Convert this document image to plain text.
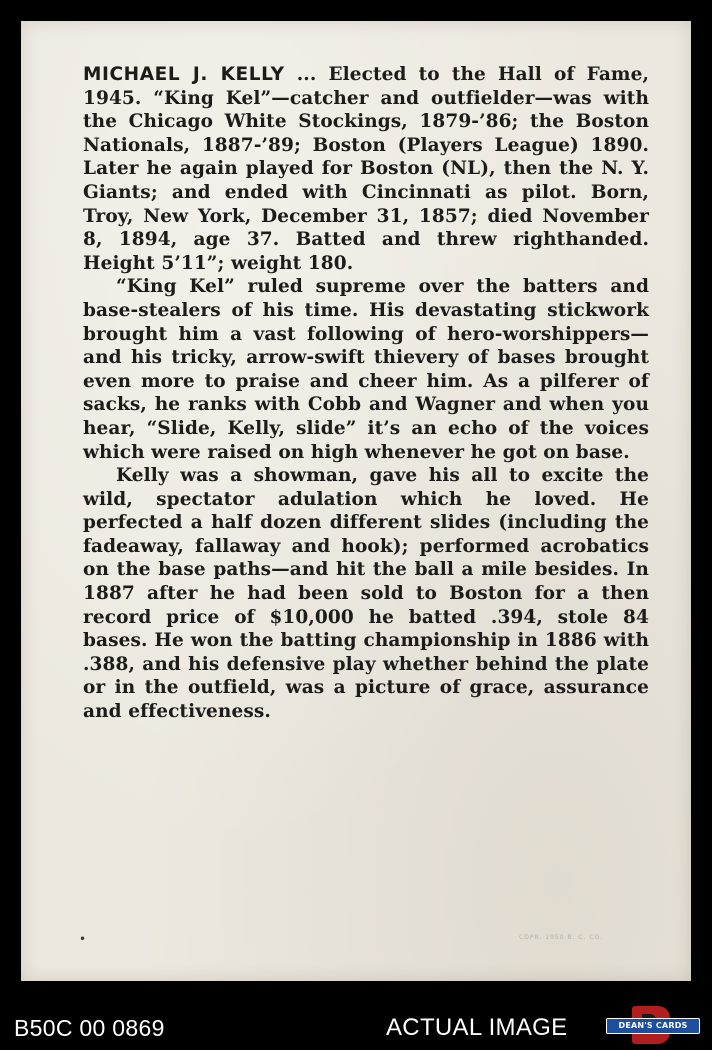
MICHAEL J. KELLY ... Elected to the Hall of Fame, 1945. “King Kel”—catcher and outfielder—was with the Chicago White Stockings, 1879-’86; the Boston Nationals, 1887-’89; Boston (Players League) 1890. Later he again played for Boston (NL), then the N. Y. Giants; and ended with Cincinnati as pilot. Born, Troy, New York, December 31, 1857; died November 8, 1894, age 37. Batted and threw righthanded. Height 5’11”; weight 180.

“King Kel” ruled supreme over the batters and base-stealers of his time. His devastating stickwork brought him a vast following of hero-worshippers—and his tricky, arrow-swift thievery of bases brought even more to praise and cheer him. As a pilferer of sacks, he ranks with Cobb and Wagner and when you hear, “Slide, Kelly, slide” it’s an echo of the voices which were raised on high whenever he got on base.

Kelly was a showman, gave his all to excite the wild, spectator adulation which he loved. He perfected a half dozen different slides (including the fadeaway, fallaway and hook); performed acrobatics on the base paths—and hit the ball a mile besides. In 1887 after he had been sold to Boston for a then record price of $10,000 he batted .394, stole 84 bases. He won the batting championship in 1886 with .388, and his defensive play whether behind the plate or in the outfield, was a picture of grace, assurance and effectiveness.

•	COPR. 1950 B. C. CO.
B50C 00 0869	ACTUAL IMAGE	DEAN'S CARDS
